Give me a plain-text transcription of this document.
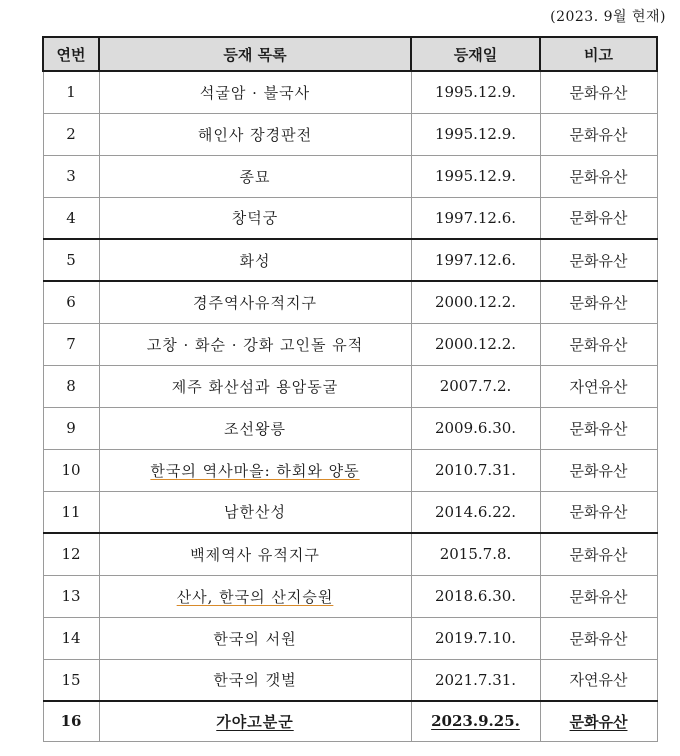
(2023. 9월 현재)
연번	등재 목록	등재일	비고
1	석굴암 · 불국사	1995.12.9.	문화유산
2	해인사 장경판전	1995.12.9.	문화유산
3	종묘	1995.12.9.	문화유산
4	창덕궁	1997.12.6.	문화유산
5	화성	1997.12.6.	문화유산
6	경주역사유적지구	2000.12.2.	문화유산
7	고창 · 화순 · 강화 고인돌 유적	2000.12.2.	문화유산
8	제주 화산섬과 용암동굴	2007.7.2.	자연유산
9	조선왕릉	2009.6.30.	문화유산
10	한국의 역사마을: 하회와 양동	2010.7.31.	문화유산
11	남한산성	2014.6.22.	문화유산
12	백제역사 유적지구	2015.7.8.	문화유산
13	산사, 한국의 산지승원	2018.6.30.	문화유산
14	한국의 서원	2019.7.10.	문화유산
15	한국의 갯벌	2021.7.31.	자연유산
16	가야고분군	2023.9.25.	문화유산
